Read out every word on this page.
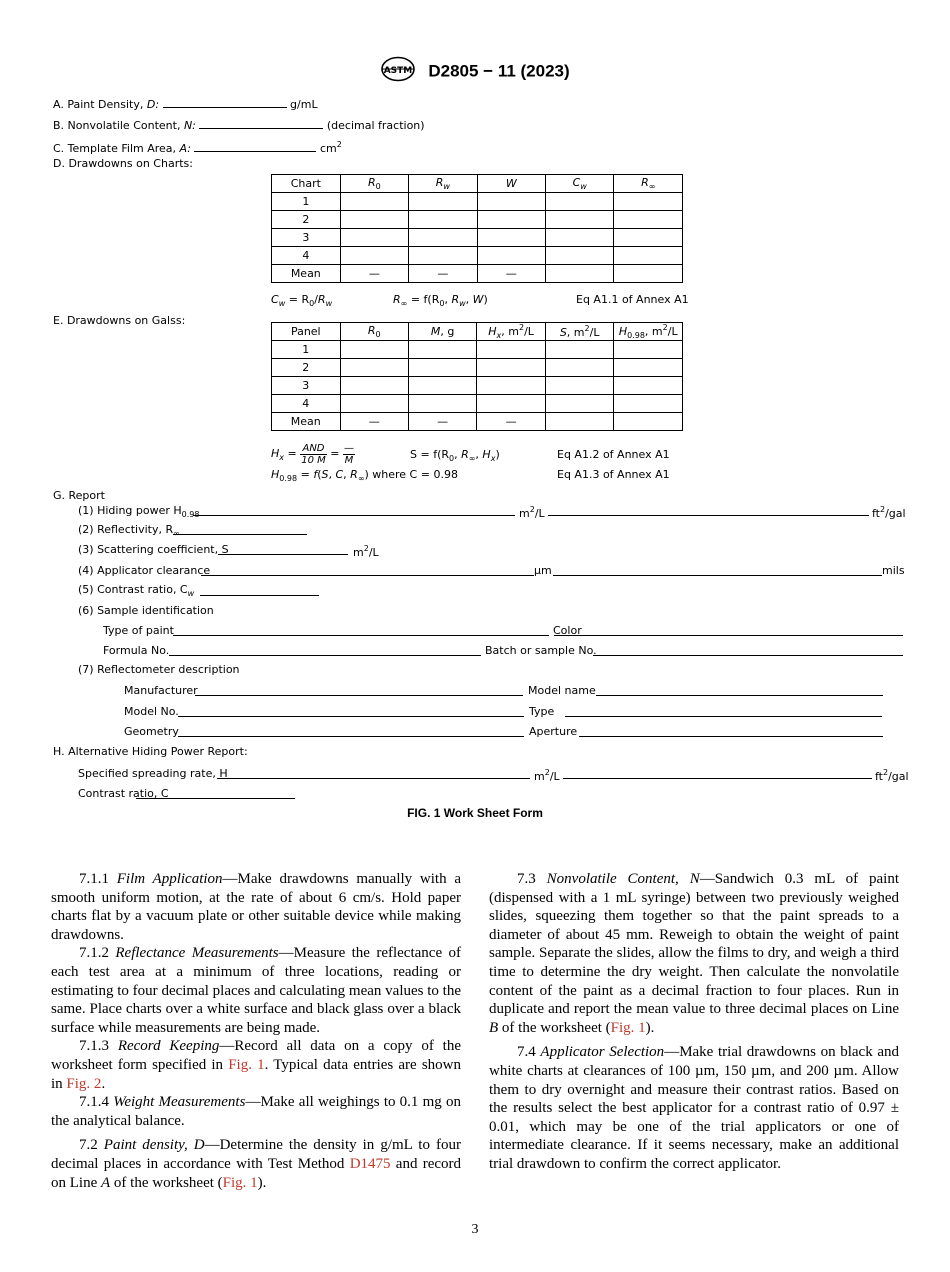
ASTM D2805 − 11 (2023)
A. Paint Density, D:	g/mL
B. Nonvolatile Content, N:	(decimal fraction)
C. Template Film Area, A:	$cm^2$
D. Drawdowns on Charts:
Chart	$R_0$	$R_w$	W	$C_w$	$R_\infty$
1					
2					
3					
4					
Mean	—	—	—		
$C_w = R_0/R_w$	$R_\infty = f(R_0$, $R_w$, W)	Eq A1.1 of Annex A1
E. Drawdowns on Galss:
Panel	$R_0$	M, g	$H_x$, $m^2/L$	S, $m^2/L$	$H_{0.98}$, $m^2/L$
1					
2					
3					
4					
Mean	—	—	—		
$H_x = \frac{\text{AND}}{10 M} = \frac{—}{M}$	$S = f(R_0$, $R_\infty$, $H_x$)	Eq A1.2 of Annex A1
$H_{0.98} = f(S$, C, $R_\infty$) where C = 0.98	Eq A1.3 of Annex A1
G. Report
(1) Hiding power $H_{0.98}$	$m^2/L$	$ft^2$/gal
(2) Reflectivity, $R_\infty$
(3) Scattering coefficient, S	$m^2/L$
(4) Applicator clearance	µm	mils
(5) Contrast ratio, $C_w$
(6) Sample identification
Type of paint	Color
Formula No.	Batch or sample No.
(7) Reflectometer description
Manufacturer	Model name
Model No.	Type
Geometry	Aperture
H. Alternative Hiding Power Report:
Specified spreading rate, H	$m^2/L$	$ft^2$/gal
Contrast ratio, C
FIG. 1 Work Sheet Form

7.1.1 Film Application—Make drawdowns manually with a smooth uniform motion, at the rate of about 6 cm/s. Hold paper charts flat by a vacuum plate or other suitable device while making drawdowns.

7.1.2 Reflectance Measurements—Measure the reflectance of each test area at a minimum of three locations, reading or estimating to four decimal places and calculating mean values to the same. Place charts over a white surface and black glass over a black surface while measurements are being made.

7.1.3 Record Keeping—Record all data on a copy of the worksheet form specified in Fig. 1. Typical data entries are shown in Fig. 2.

7.1.4 Weight Measurements—Make all weighings to 0.1 mg on the analytical balance.

7.2 Paint density, D—Determine the density in g/mL to four decimal places in accordance with Test Method D1475 and record on Line A of the worksheet (Fig. 1).

7.3 Nonvolatile Content, N—Sandwich 0.3 mL of paint (dispensed with a 1 mL syringe) between two previously weighed slides, squeezing them together so that the paint spreads to a diameter of about 45 mm. Reweigh to obtain the weight of paint sample. Separate the slides, allow the films to dry, and weigh a third time to determine the dry weight. Then calculate the nonvolatile content of the paint as a decimal fraction to four places. Run in duplicate and report the mean value to three decimal places on Line B of the worksheet (Fig. 1).

7.4 Applicator Selection—Make trial drawdowns on black and white charts at clearances of 100 µm, 150 µm, and 200 µm. Allow them to dry overnight and measure their contrast ratios. Based on the results select the best applicator for a contrast ratio of 0.97 ± 0.01, which may be one of the trial applicators or one of intermediate clearance. If it seems necessary, make an additional trial drawdown to confirm the correct applicator.

3
